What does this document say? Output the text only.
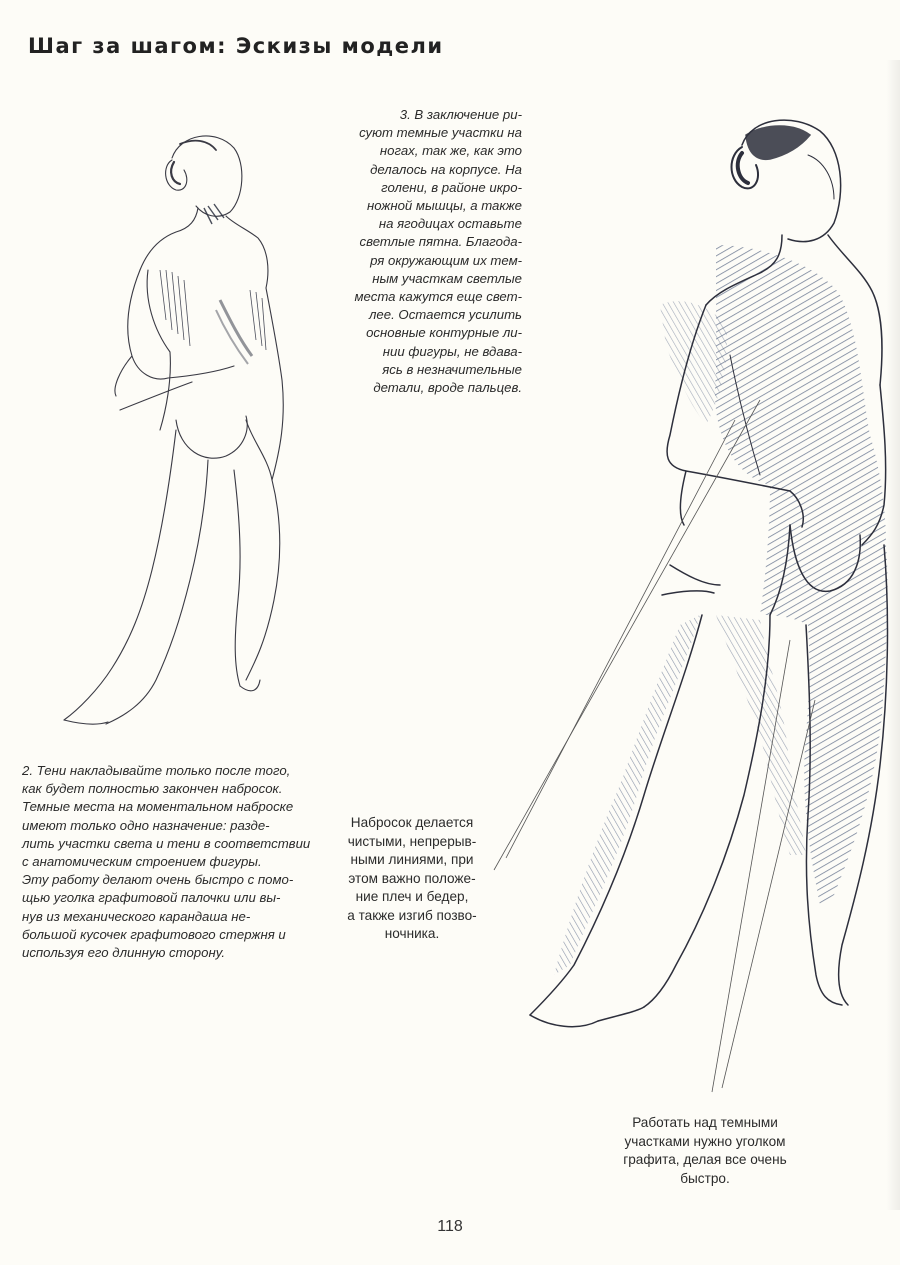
Шаг за шагом: Эскизы модели

3. В заключение ри-
суют темные участки на
ногах, так же, как это
делалось на корпусе. На
голени, в районе икро-
ножной мышцы, а также
на ягодицах оставьте
светлые пятна. Благода-
ря окружающим их тем-
ным участкам светлые
места кажутся еще свет-
лее. Остается усилить
основные контурные ли-
нии фигуры, не вдава-
ясь в незначительные
детали, вроде пальцев.

2. Тени накладывайте только после того,
как будет полностью закончен набросок.
Темные места на моментальном наброске
имеют только одно назначение: разде-
лить участки света и тени в соответствии
с анатомическим строением фигуры.
Эту работу делают очень быстро с помо-
щью уголка графитовой палочки или вы-
нув из механического карандаша не-
большой кусочек графитового стержня и
используя его длинную сторону.

Набросок делается
чистыми, непрерыв-
ными линиями, при
этом важно положе-
ние плеч и бедер,
а также изгиб позво-
ночника.

Работать над темными
участками нужно уголком
графита, делая все очень
быстро.

118
